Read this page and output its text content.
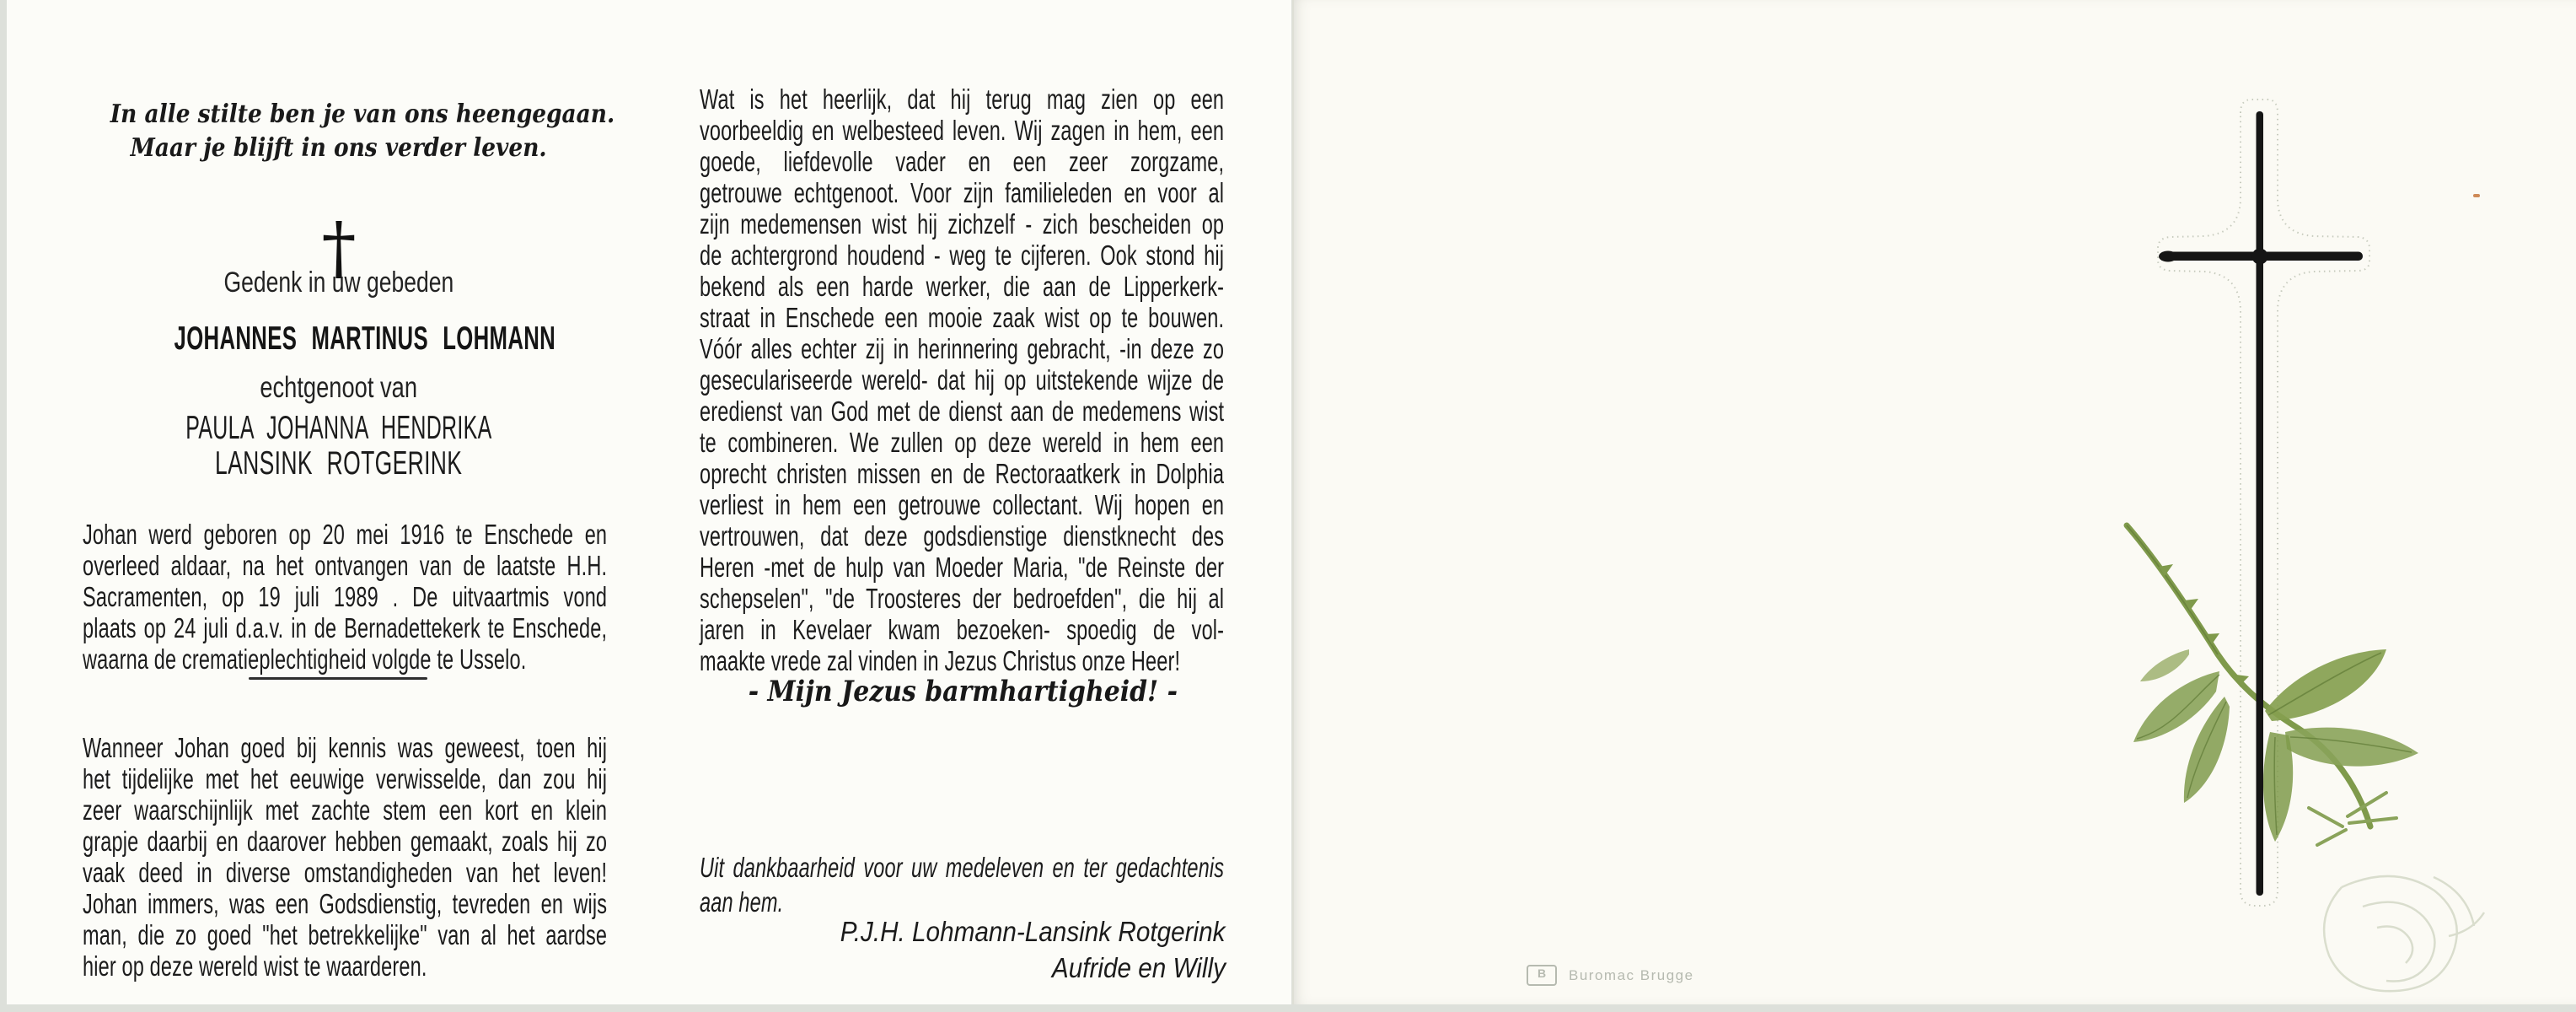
In alle stilte ben je van ons heengegaan.
Maar je blijft in ons verder leven.
†
Gedenk in uw gebeden
JOHANNES MARTINUS LOHMANN
echtgenoot van
PAULA JOHANNA HENDRIKA
LANSINK ROTGERINK
Johan werd geboren op 20 mei 1916 te Enschede en
overleed aldaar, na het ontvangen van de laatste H.H.
Sacramenten, op 19 juli 1989 . De uitvaartmis vond
plaats op 24 juli d.a.v. in de Bernadettekerk te Enschede,
waarna de crematieplechtigheid volgde te Usselo.
Wanneer Johan goed bij kennis was geweest, toen hij
het tijdelijke met het eeuwige verwisselde, dan zou hij
zeer waarschijnlijk met zachte stem een kort en klein
grapje daarbij en daarover hebben gemaakt, zoals hij zo
vaak deed in diverse omstandigheden van het leven!
Johan immers, was een Godsdienstig, tevreden en wijs
man, die zo goed "het betrekkelijke" van al het aardse
hier op deze wereld wist te waarderen.
Wat is het heerlijk, dat hij terug mag zien op een
voorbeeldig en welbesteed leven. Wij zagen in hem, een
goede, liefdevolle vader en een zeer zorgzame,
getrouwe echtgenoot. Voor zijn familieleden en voor al
zijn medemensen wist hij zichzelf - zich bescheiden op
de achtergrond houdend - weg te cijferen. Ook stond hij
bekend als een harde werker, die aan de Lipperkerk-
straat in Enschede een mooie zaak wist op te bouwen.
Vóór alles echter zij in herinnering gebracht, -in deze zo
geseculariseerde wereld- dat hij op uitstekende wijze de
eredienst van God met de dienst aan de medemens wist
te combineren. We zullen op deze wereld in hem een
oprecht christen missen en de Rectoraatkerk in Dolphia
verliest in hem een getrouwe collectant. Wij hopen en
vertrouwen, dat deze godsdienstige dienstknecht des
Heren -met de hulp van Moeder Maria, "de Reinste der
schepselen", "de Troosteres der bedroefden", die hij al
jaren in Kevelaer kwam bezoeken- spoedig de vol-
maakte vrede zal vinden in Jezus Christus onze Heer!
- Mijn Jezus barmhartigheid! -
Uit dankbaarheid voor uw medeleven en ter gedachtenis
aan hem.
P.J.H. Lohmann-Lansink Rotgerink
Aufride en Willy	B	Buromac Brugge
